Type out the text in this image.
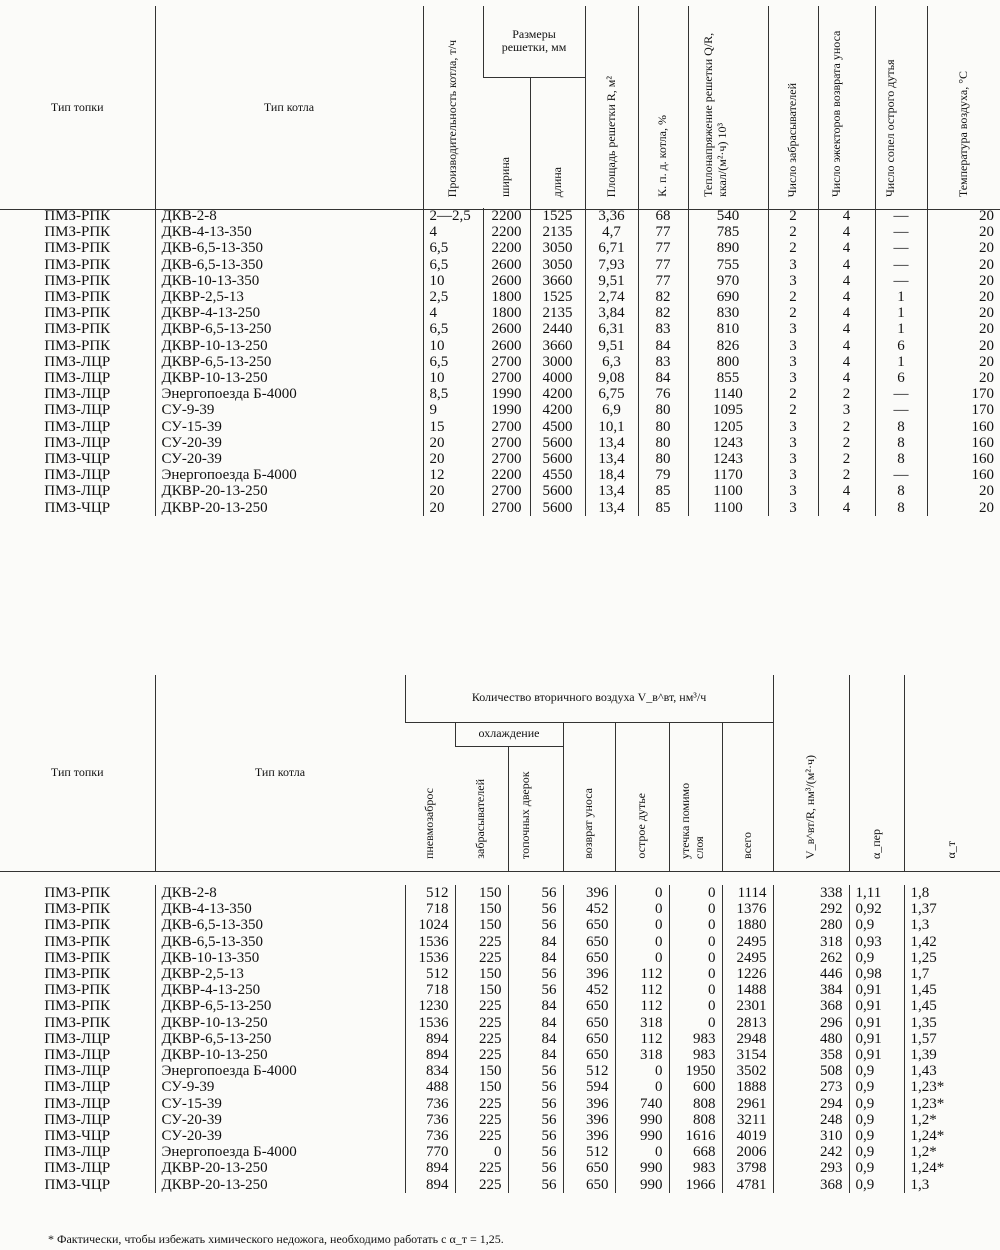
Тип топки	Тип котла	Производительность котла, т/ч	Размеры решетки, мм		Площадь решетки R, м²	К. п. д. котла, %	Теплонапряжение решетки Q/R, ккал/(м²·ч) 10³	Число забрасывателей	Число эжекторов возврата уноса	Число сопел острого дутья	Температура воздуха, °С
			ширина	длина							
ПМЗ-РПК	ДКВ-2-8	2—2,5	2200	1525	3,36	68	540	2	4	—	20
ПМЗ-РПК	ДКВ-4-13-350	4	2200	2135	4,7	77	785	2	4	—	20
ПМЗ-РПК	ДКВ-6,5-13-350	6,5	2200	3050	6,71	77	890	2	4	—	20
ПМЗ-РПК	ДКВ-6,5-13-350	6,5	2600	3050	7,93	77	755	3	4	—	20
ПМЗ-РПК	ДКВ-10-13-350	10	2600	3660	9,51	77	970	3	4	—	20
ПМЗ-РПК	ДКВР-2,5-13	2,5	1800	1525	2,74	82	690	2	4	1	20
ПМЗ-РПК	ДКВР-4-13-250	4	1800	2135	3,84	82	830	2	4	1	20
ПМЗ-РПК	ДКВР-6,5-13-250	6,5	2600	2440	6,31	83	810	3	4	1	20
ПМЗ-РПК	ДКВР-10-13-250	10	2600	3660	9,51	84	826	3	4	6	20
ПМЗ-ЛЦР	ДКВР-6,5-13-250	6,5	2700	3000	6,3	83	800	3	4	1	20
ПМЗ-ЛЦР	ДКВР-10-13-250	10	2700	4000	9,08	84	855	3	4	6	20
ПМЗ-ЛЦР	Энергопоезда Б-4000	8,5	1990	4200	6,75	76	1140	2	2	—	170
ПМЗ-ЛЦР	СУ-9-39	9	1990	4200	6,9	80	1095	2	3	—	170
ПМЗ-ЛЦР	СУ-15-39	15	2700	4500	10,1	80	1205	3	2	8	160
ПМЗ-ЛЦР	СУ-20-39	20	2700	5600	13,4	80	1243	3	2	8	160
ПМЗ-ЧЦР	СУ-20-39	20	2700	5600	13,4	80	1243	3	2	8	160
ПМЗ-ЛЦР	Энергопоезда Б-4000	12	2200	4550	18,4	79	1170	3	2	—	160
ПМЗ-ЛЦР	ДКВР-20-13-250	20	2700	5600	13,4	85	1100	3	4	8	20
ПМЗ-ЧЦР	ДКВР-20-13-250	20	2700	5600	13,4	85	1100	3	4	8	20
Тип топки	Тип котла	Количество вторичного воздуха V_в^вт, нм³/ч							V_в^вт/R, нм³/(м²·ч)	α_пер	α_т
		пневмозаброс	охлаждение		возврат уноса	острое дутье	утечка помимо слоя	всего			
			забрасывателей	топочных дверок							
ПМЗ-РПК	ДКВ-2-8	512	150	56	396	0	0	1114	338	1,11	1,8
ПМЗ-РПК	ДКВ-4-13-350	718	150	56	452	0	0	1376	292	0,92	1,37
ПМЗ-РПК	ДКВ-6,5-13-350	1024	150	56	650	0	0	1880	280	0,9	1,3
ПМЗ-РПК	ДКВ-6,5-13-350	1536	225	84	650	0	0	2495	318	0,93	1,42
ПМЗ-РПК	ДКВ-10-13-350	1536	225	84	650	0	0	2495	262	0,9	1,25
ПМЗ-РПК	ДКВР-2,5-13	512	150	56	396	112	0	1226	446	0,98	1,7
ПМЗ-РПК	ДКВР-4-13-250	718	150	56	452	112	0	1488	384	0,91	1,45
ПМЗ-РПК	ДКВР-6,5-13-250	1230	225	84	650	112	0	2301	368	0,91	1,45
ПМЗ-РПК	ДКВР-10-13-250	1536	225	84	650	318	0	2813	296	0,91	1,35
ПМЗ-ЛЦР	ДКВР-6,5-13-250	894	225	84	650	112	983	2948	480	0,91	1,57
ПМЗ-ЛЦР	ДКВР-10-13-250	894	225	84	650	318	983	3154	358	0,91	1,39
ПМЗ-ЛЦР	Энергопоезда Б-4000	834	150	56	512	0	1950	3502	508	0,9	1,43
ПМЗ-ЛЦР	СУ-9-39	488	150	56	594	0	600	1888	273	0,9	1,23*
ПМЗ-ЛЦР	СУ-15-39	736	225	56	396	740	808	2961	294	0,9	1,23*
ПМЗ-ЛЦР	СУ-20-39	736	225	56	396	990	808	3211	248	0,9	1,2*
ПМЗ-ЧЦР	СУ-20-39	736	225	56	396	990	1616	4019	310	0,9	1,24*
ПМЗ-ЛЦР	Энергопоезда Б-4000	770	0	56	512	0	668	2006	242	0,9	1,2*
ПМЗ-ЛЦР	ДКВР-20-13-250	894	225	56	650	990	983	3798	293	0,9	1,24*
ПМЗ-ЧЦР	ДКВР-20-13-250	894	225	56	650	990	1966	4781	368	0,9	1,3
* Фактически, чтобы избежать химического недожога, необходимо работать с α_т = 1,25.
